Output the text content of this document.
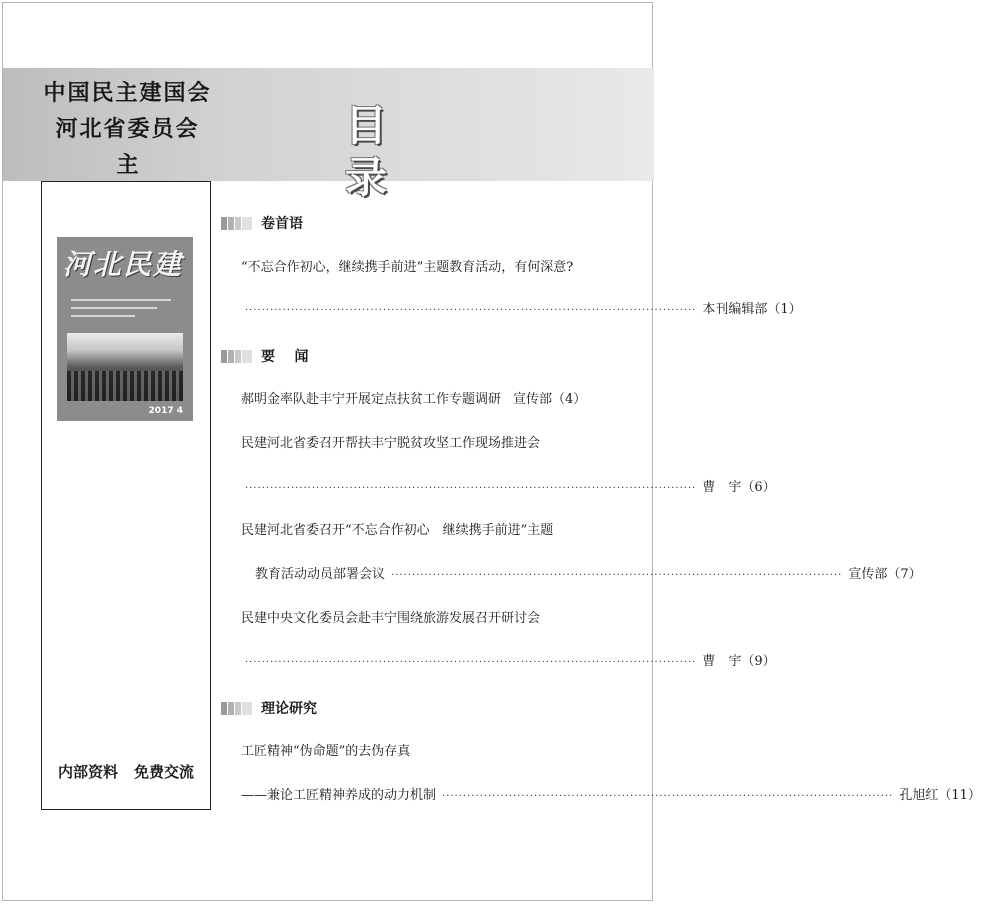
中国民主建国会
河北省委员会
主
目录
河北民建
2017 4
内部资料 免费交流
卷首语
“不忘合作初心，继续携手前进”主题教育活动，有何深意?
············································································································ 本刊编辑部 （1）
要    闻
郝明金率队赴丰宁开展定点扶贫工作专题调研 宣传部 （4）
民建河北省委召开帮扶丰宁脱贫攻坚工作现场推进会
············································································································ 曹　宇 （6）
民建河北省委召开“不忘合作初心　继续携手前进”主题
教育活动动员部署会议 ············································································································ 宣传部 （7）
民建中央文化委员会赴丰宁围绕旅游发展召开研讨会
············································································································ 曹　宇 （9）
理论研究
工匠精神“伪命题”的去伪存真
——兼论工匠精神养成的动力机制 ············································································································ 孔旭红 （11）
